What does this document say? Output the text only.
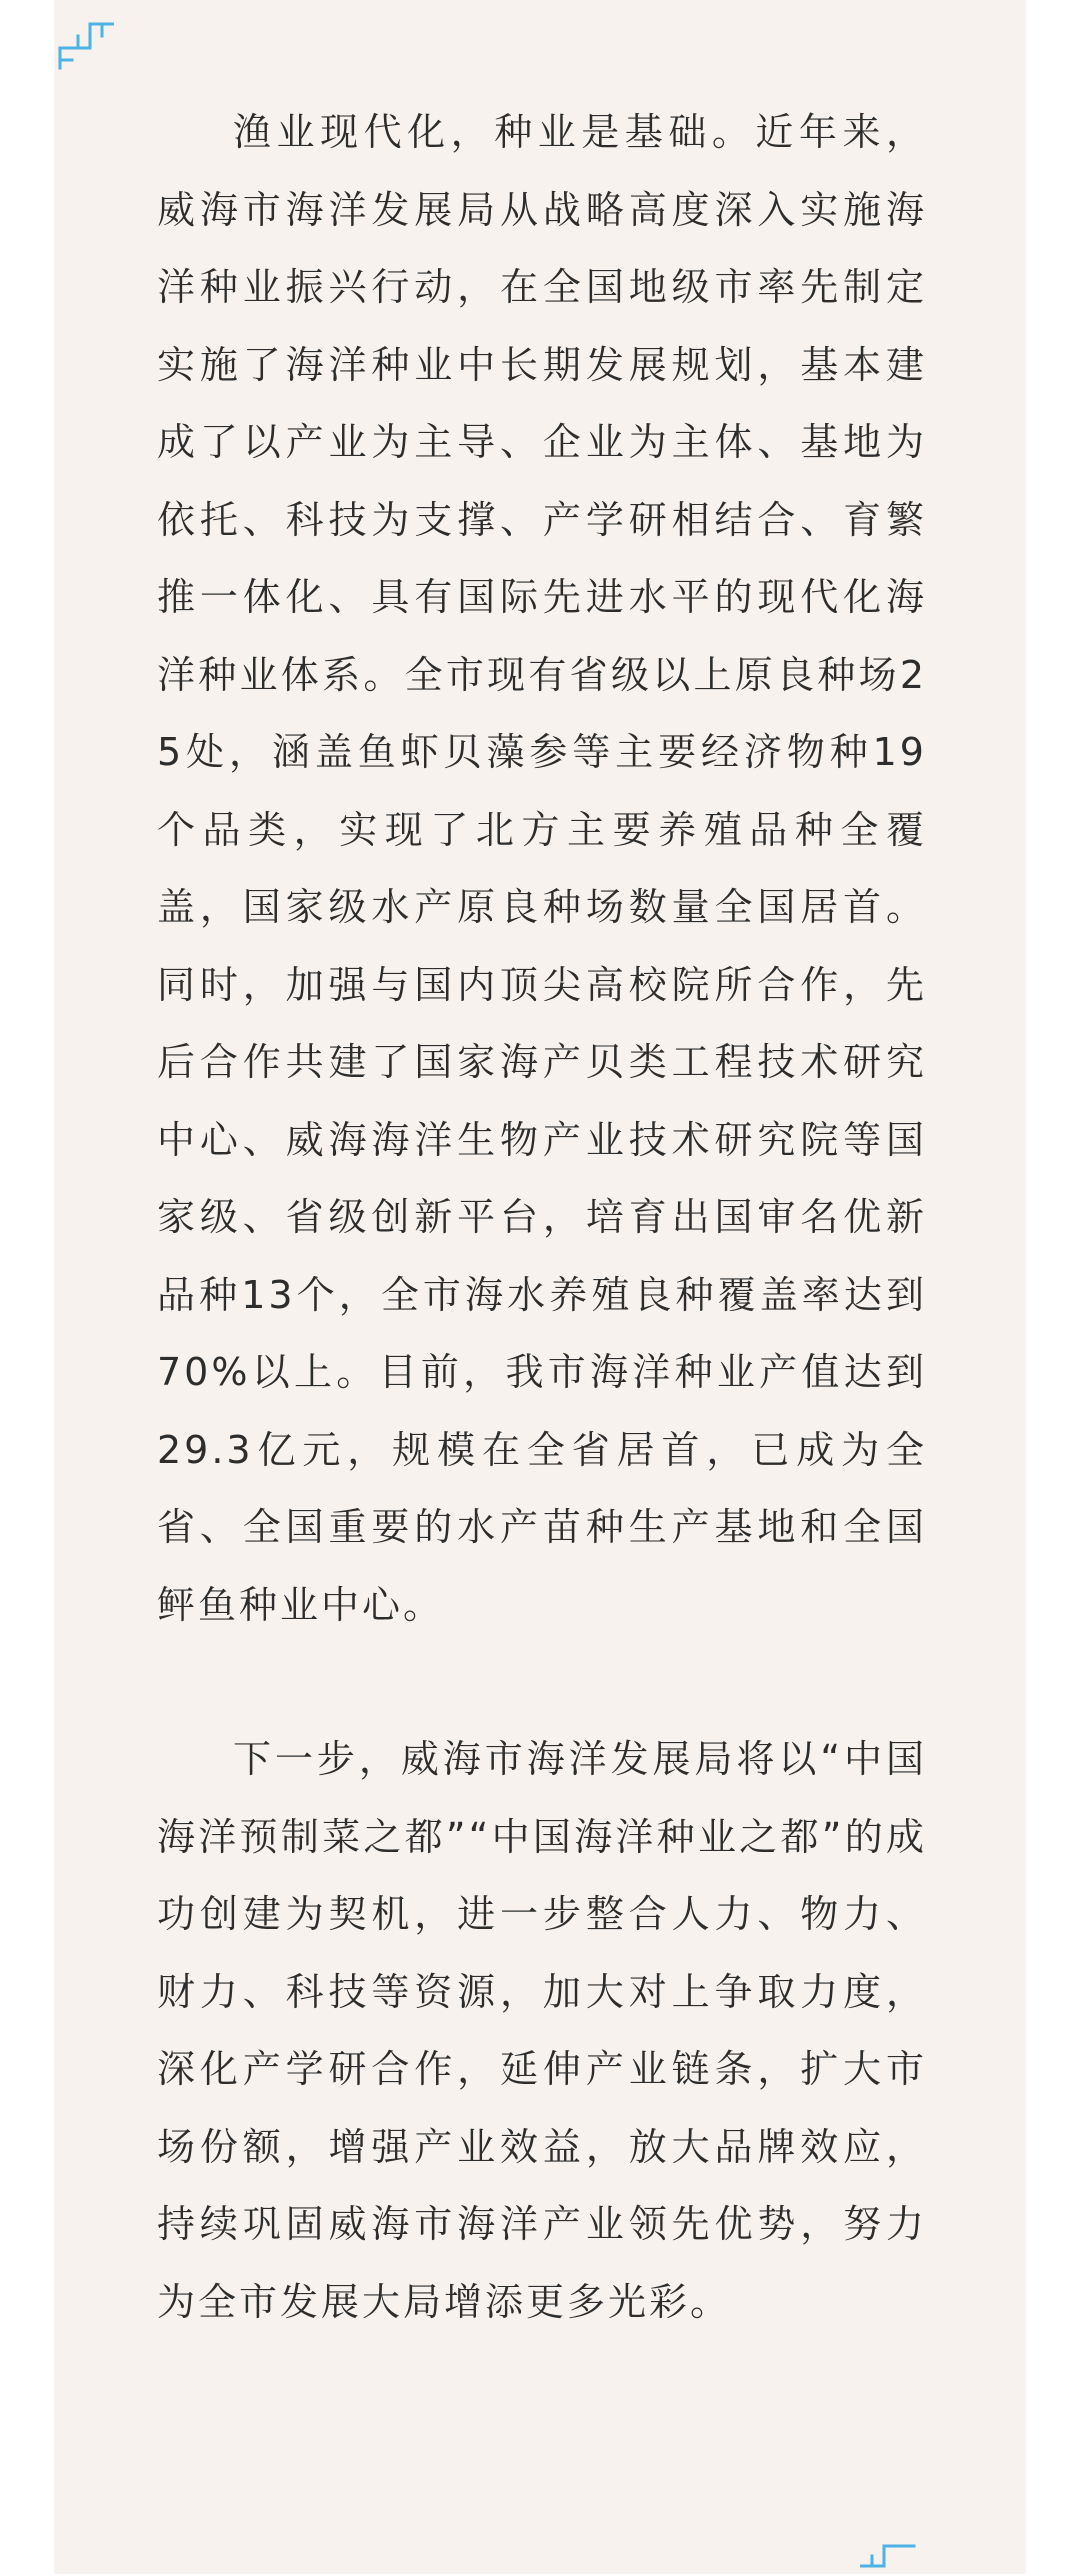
渔业现代化，种业是基础。近年来，威海市海洋发展局从战略高度深入实施海洋种业振兴行动，在全国地级市率先制定实施了海洋种业中长期发展规划，基本建成了以产业为主导、企业为主体、基地为依托、科技为支撑、产学研相结合、育繁推一体化、具有国际先进水平的现代化海洋种业体系。全市现有省级以上原良种场25处，涵盖鱼虾贝藻参等主要经济物种19个品类，实现了北方主要养殖品种全覆盖，国家级水产原良种场数量全国居首。同时，加强与国内顶尖高校院所合作，先后合作共建了国家海产贝类工程技术研究中心、威海海洋生物产业技术研究院等国家级、省级创新平台，培育出国审名优新品种13个，全市海水养殖良种覆盖率达到70%以上。目前，我市海洋种业产值达到29.3亿元，规模在全省居首，已成为全省、全国重要的水产苗种生产基地和全国鲆鱼种业中心。

下一步，威海市海洋发展局将以“中国海洋预制菜之都”“中国海洋种业之都”的成功创建为契机，进一步整合人力、物力、财力、科技等资源，加大对上争取力度，深化产学研合作，延伸产业链条，扩大市场份额，增强产业效益，放大品牌效应，持续巩固威海市海洋产业领先优势，努力为全市发展大局增添更多光彩。
